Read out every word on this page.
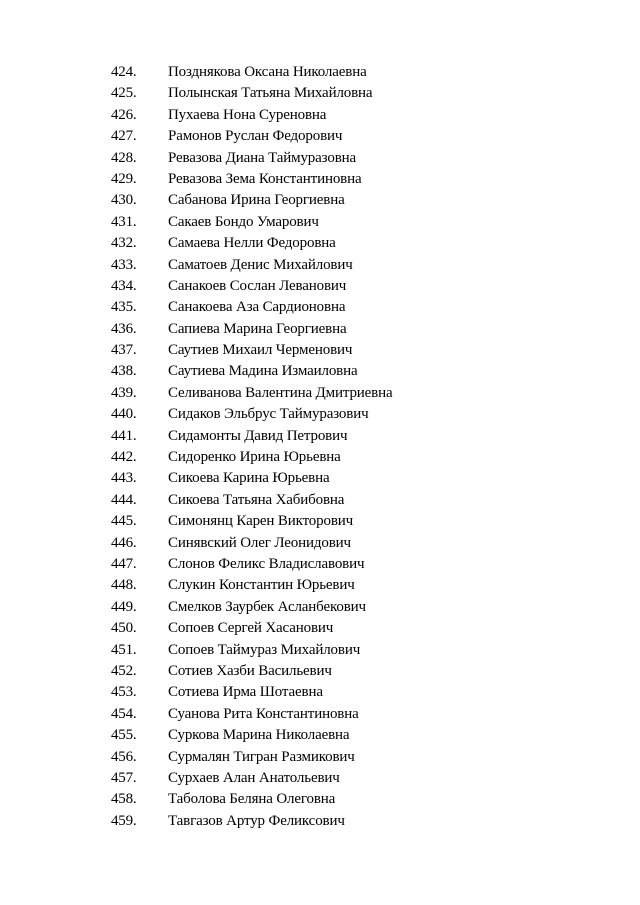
424. Позднякова Оксана Николаевна
425. Полынская Татьяна Михайловна
426. Пухаева Нона Суреновна
427. Рамонов Руслан Федорович
428. Ревазова Диана Таймуразовна
429. Ревазова Зема Константиновна
430. Сабанова Ирина Георгиевна
431. Сакаев Бондо Умарович
432. Самаева Нелли Федоровна
433. Саматоев Денис Михайлович
434. Санакоев Сослан Леванович
435. Санакоева Аза Сардионовна
436. Сапиева Марина Георгиевна
437. Саутиев Михаил Черменович
438. Саутиева Мадина Измаиловна
439. Селиванова Валентина Дмитриевна
440. Сидаков Эльбрус Таймуразович
441. Сидамонты Давид Петрович
442. Сидоренко Ирина Юрьевна
443. Сикоева Карина Юрьевна
444. Сикоева Татьяна Хабибовна
445. Симонянц Карен Викторович
446. Синявский Олег Леонидович
447. Слонов Феликс Владиславович
448. Слукин Константин Юрьевич
449. Смелков Заурбек Асланбекович
450. Сопоев Сергей Хасанович
451. Сопоев Таймураз Михайлович
452. Сотиев Хазби Васильевич
453. Сотиева Ирма Шотаевна
454. Суанова Рита Константиновна
455. Суркова Марина Николаевна
456. Сурмалян Тигран Размикович
457. Сурхаев Алан Анатольевич
458. Таболова Беляна Олеговна
459. Тавгазов Артур Феликсович
